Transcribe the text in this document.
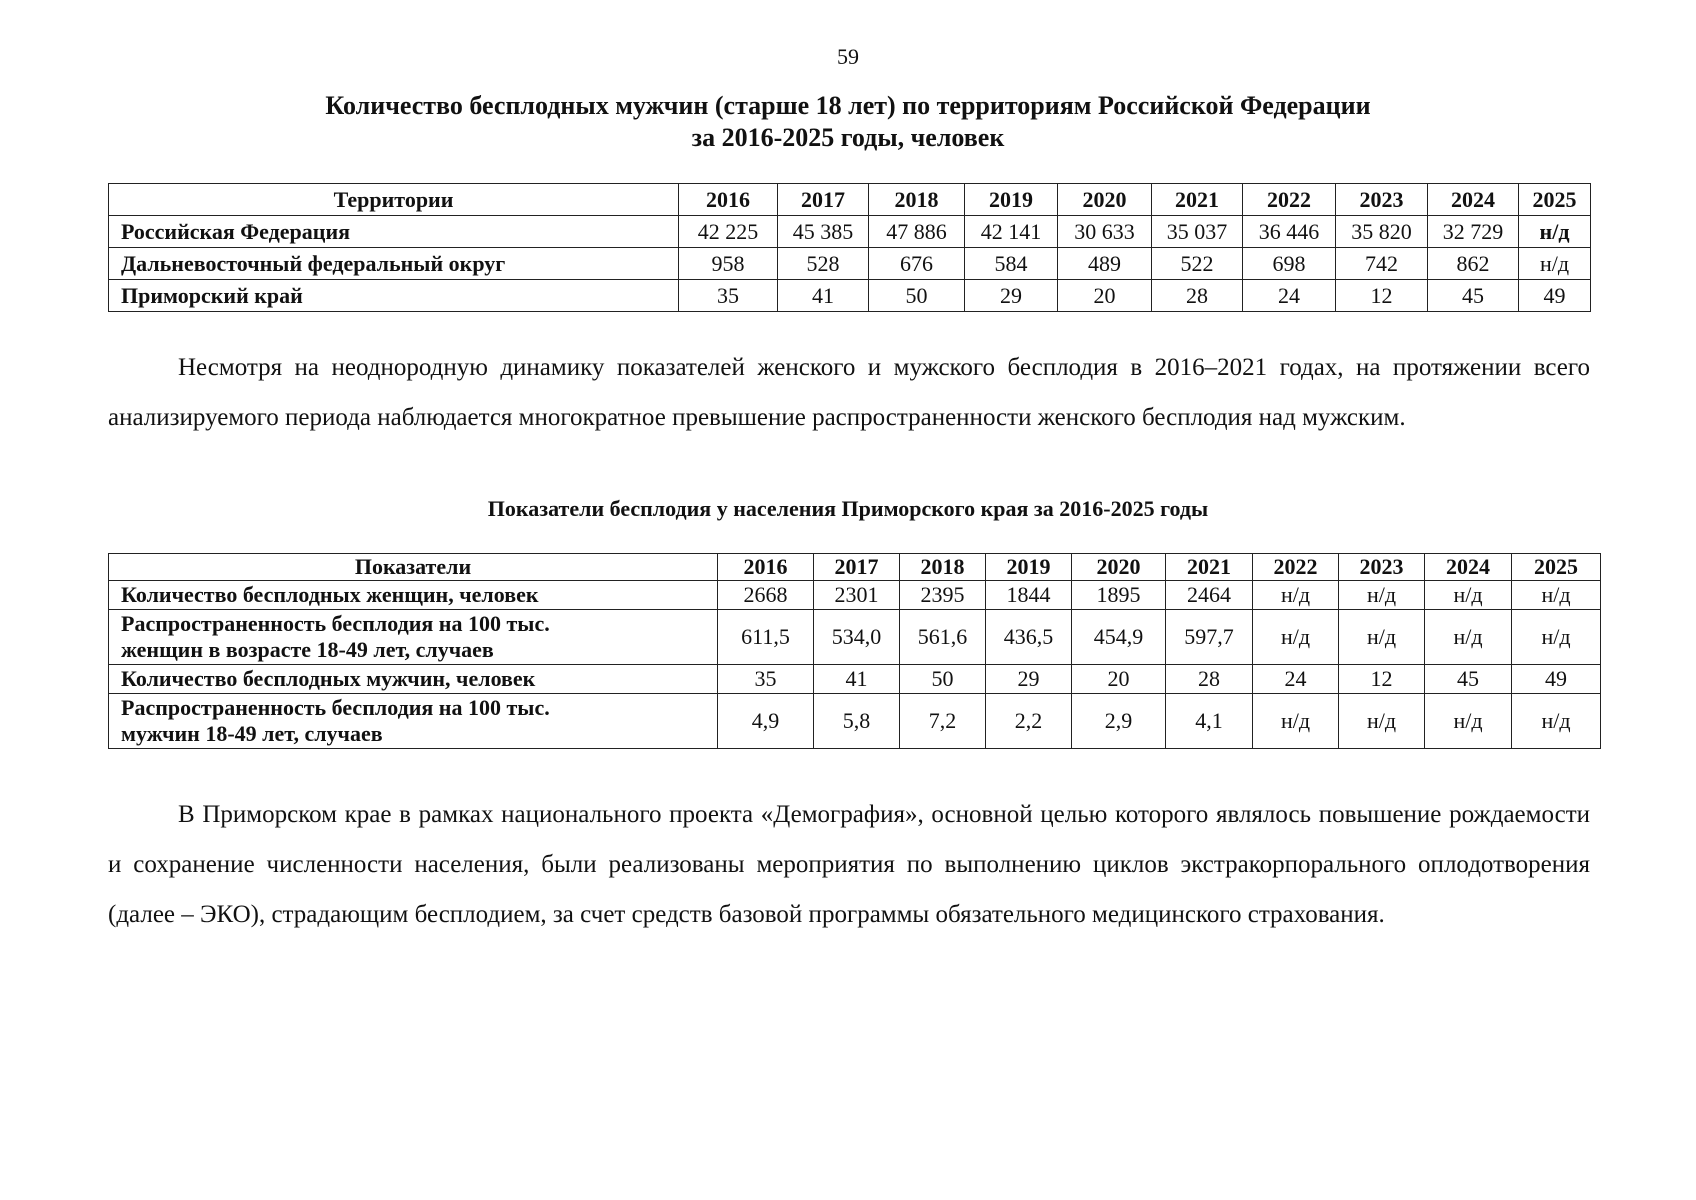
59
Количество бесплодных мужчин (старше 18 лет) по территориям Российской Федерации
за 2016-2025 годы, человек
Территории	2016	2017	2018	2019	2020	2021	2022	2023	2024	2025
Российская Федерация	42 225	45 385	47 886	42 141	30 633	35 037	36 446	35 820	32 729	н/д
Дальневосточный федеральный округ	958	528	676	584	489	522	698	742	862	н/д
Приморский край	35	41	50	29	20	28	24	12	45	49
Несмотря на неоднородную динамику показателей женского и мужского бесплодия в 2016–2021 годах, на протяжении всего анализируемого периода наблюдается многократное превышение распространенности женского бесплодия над мужским.
Показатели бесплодия у населения Приморского края за 2016-2025 годы
Показатели	2016	2017	2018	2019	2020	2021	2022	2023	2024	2025
Количество бесплодных женщин, человек	2668	2301	2395	1844	1895	2464	н/д	н/д	н/д	н/д
Распространенность бесплодия на 100 тыс.
женщин в возрасте 18-49 лет, случаев	611,5	534,0	561,6	436,5	454,9	597,7	н/д	н/д	н/д	н/д
Количество бесплодных мужчин, человек	35	41	50	29	20	28	24	12	45	49
Распространенность бесплодия на 100 тыс.
мужчин 18-49 лет, случаев	4,9	5,8	7,2	2,2	2,9	4,1	н/д	н/д	н/д	н/д
В Приморском крае в рамках национального проекта «Демография», основной целью которого являлось повышение рождаемости и сохранение численности населения, были реализованы мероприятия по выполнению циклов экстракорпорального оплодотворения (далее – ЭКО), страдающим бесплодием, за счет средств базовой программы обязательного медицинского страхования.
